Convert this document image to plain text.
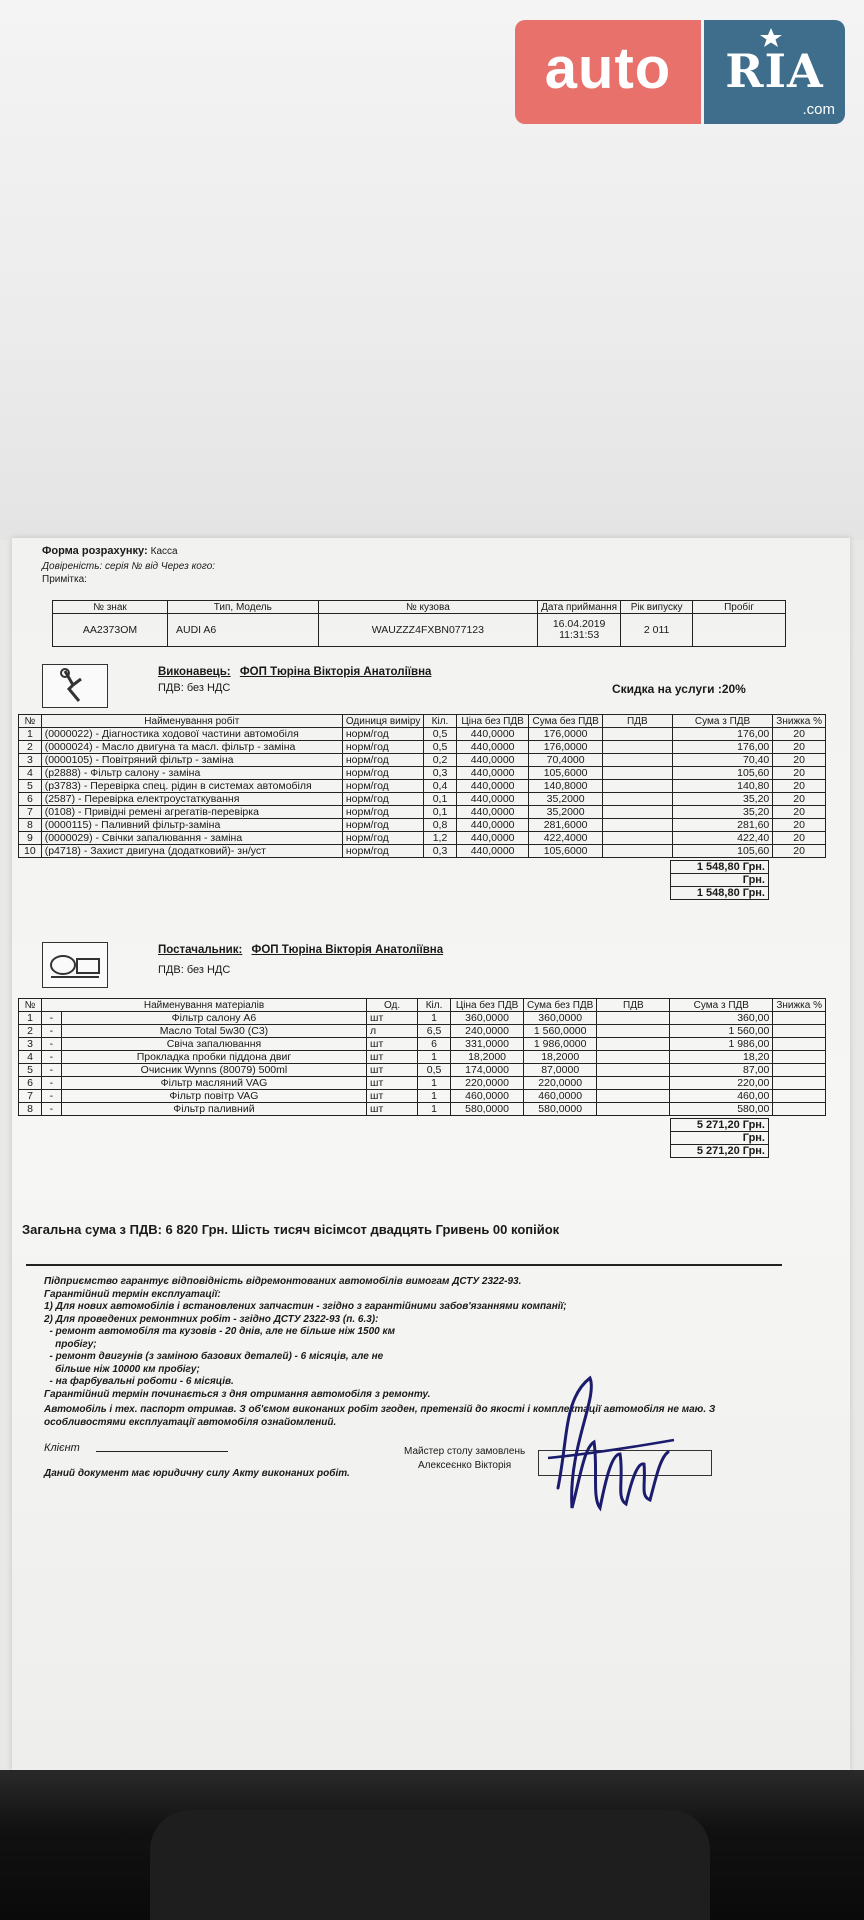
auto	RIA
.com
Форма розрахунку: Касса
Довіреність: серія № від Через кого:
Примітка:
№ знак	Тип, Модель	№ кузова	Дата приймання	Рік випуску	Пробіг
AA2373OM	AUDI A6	WAUZZZ4FXBN077123	16.04.2019
11:31:53	2 011	
Виконавець: ФОП Тюріна Вікторія Анатоліївна
ПДВ: без НДС	Скидка на услуги :20%
№	Найменування робіт	Одиниця виміру	Кіл.	Ціна без ПДВ	Сума без ПДВ	ПДВ	Сума з ПДВ	Знижка %
1	(0000022) - Діагностика ходової частини автомобіля	норм/год	0,5	440,0000	176,0000		176,00	20
2	(0000024) - Масло двигуна та масл. фільтр - заміна	норм/год	0,5	440,0000	176,0000		176,00	20
3	(0000105) - Повітряний фільтр - заміна	норм/год	0,2	440,0000	70,4000		70,40	20
4	(p2888) - Фільтр салону - заміна	норм/год	0,3	440,0000	105,6000		105,60	20
5	(p3783) - Перевірка спец. рідин в системах автомобіля	норм/год	0,4	440,0000	140,8000		140,80	20
6	(2587) - Перевірка електроустаткування	норм/год	0,1	440,0000	35,2000		35,20	20
7	(0108) - Привідні ремені агрегатів-перевірка	норм/год	0,1	440,0000	35,2000		35,20	20
8	(0000115) - Паливний фільтр-заміна	норм/год	0,8	440,0000	281,6000		281,60	20
9	(0000029) - Свічки запалювання - заміна	норм/год	1,2	440,0000	422,4000		422,40	20
10	(p4718) - Захист двигуна (додатковий)- зн/уст	норм/год	0,3	440,0000	105,6000		105,60	20
1 548,80 Грн.
Грн.
1 548,80 Грн.
Постачальник: ФОП Тюріна Вікторія Анатоліївна
ПДВ: без НДС
№	Найменування матеріалів		Од.	Кіл.	Ціна без ПДВ	Сума без ПДВ	ПДВ	Сума з ПДВ	Знижка %
1	-	Фільтр салону A6	шт	1	360,0000	360,0000		360,00	
2	-	Масло Total 5w30 (C3)	л	6,5	240,0000	1 560,0000		1 560,00	
3	-	Свіча запалювання	шт	6	331,0000	1 986,0000		1 986,00	
4	-	Прокладка пробки піддона двиг	шт	1	18,2000	18,2000		18,20	
5	-	Очисник Wynns (80079) 500ml	шт	0,5	174,0000	87,0000		87,00	
6	-	Фільтр масляний VAG	шт	1	220,0000	220,0000		220,00	
7	-	Фільтр повітр VAG	шт	1	460,0000	460,0000		460,00	
8	-	Фільтр паливний	шт	1	580,0000	580,0000		580,00	
5 271,20 Грн.
Грн.
5 271,20 Грн.
Загальна сума з ПДВ: 6 820 Грн. Шість тисяч вісімсот двадцять Гривень 00 копійок
Підприємство гарантує відповідність відремонтованих автомобілів вимогам ДСТУ 2322-93.
Гарантійний термін експлуатації:
1) Для нових автомобілів і встановлених запчастин - згідно з гарантійними забов'язаннями компанії;
2) Для проведених ремонтних робіт - згідно ДСТУ 2322-93 (п. 6.3):
- ремонт автомобіля та кузовів - 20 днів, але не більше ніж 1500 км
пробігу;
- ремонт двигунів (з заміною базових деталей) - 6 місяців, але не
більше ніж 10000 км пробігу;
- на фарбувальні роботи - 6 місяців.
Гарантійний термін починається з дня отримання автомобіля з ремонту.
Автомобіль і тех. паспорт отримав. З об'ємом виконаних робіт згоден, претензій до якості і комплектації автомобіля не маю. З
особливостями експлуатації автомобіля ознайомлений.
Клієнт	Майстер столу замовлень
Алексеєнко Вікторія
Даний документ має юридичну силу Акту виконаних робіт.
